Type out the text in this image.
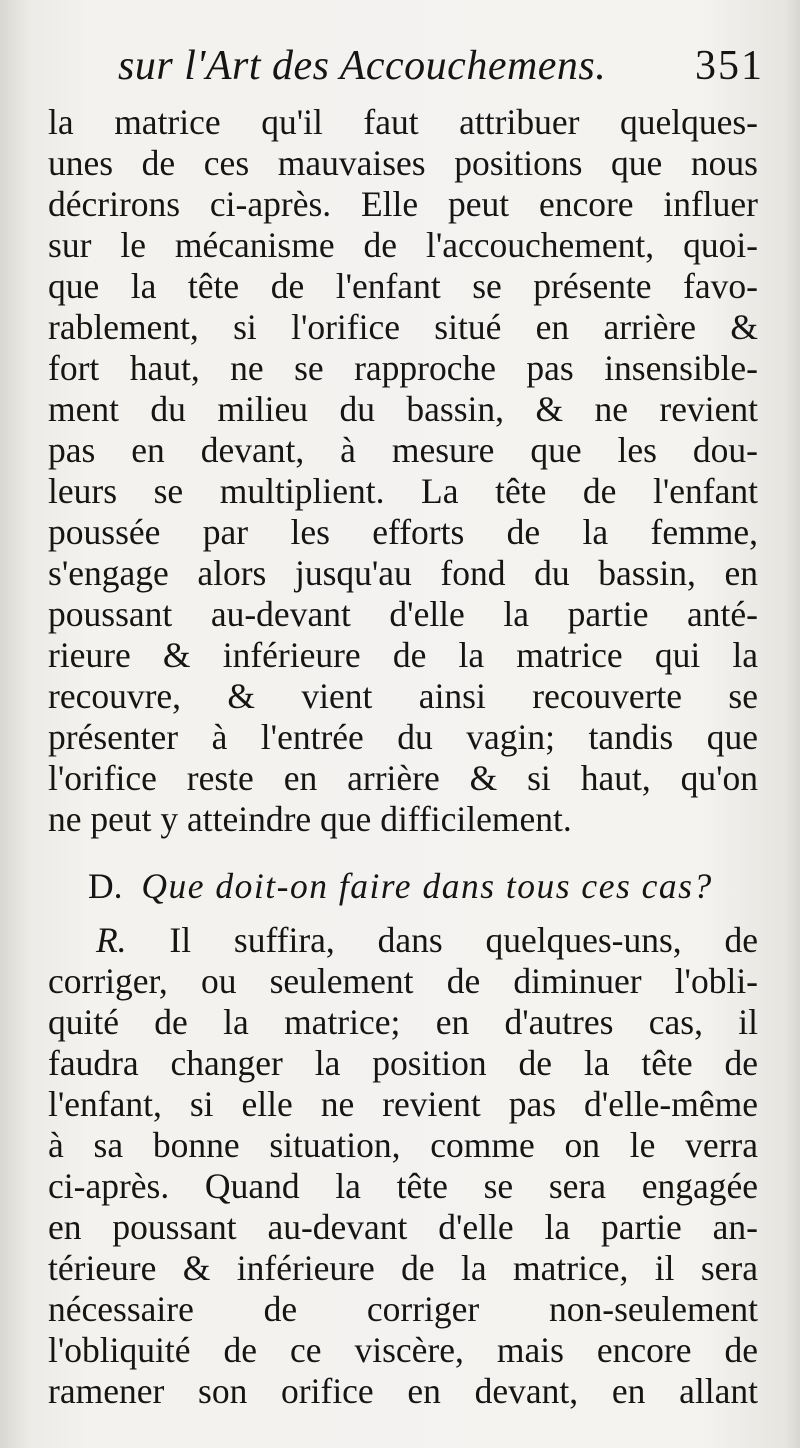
sur l'Art des Accouchemens. 351
la matrice qu'il faut attribuer quelques-
unes de ces mauvaises positions que nous
décrirons ci-après. Elle peut encore influer
sur le mécanisme de l'accouchement, quoi-
que la tête de l'enfant se présente favo-
rablement, si l'orifice situé en arrière &
fort haut, ne se rapproche pas insensible-
ment du milieu du bassin, & ne revient
pas en devant, à mesure que les dou-
leurs se multiplient. La tête de l'enfant
poussée par les efforts de la femme,
s'engage alors jusqu'au fond du bassin, en
poussant au-devant d'elle la partie anté-
rieure & inférieure de la matrice qui la
recouvre, & vient ainsi recouverte se
présenter à l'entrée du vagin; tandis que
l'orifice reste en arrière & si haut, qu'on
ne peut y atteindre que difficilement.
D. Que doit-on faire dans tous ces cas?
R. Il suffira, dans quelques-uns, de
corriger, ou seulement de diminuer l'obli-
quité de la matrice; en d'autres cas, il
faudra changer la position de la tête de
l'enfant, si elle ne revient pas d'elle-même
à sa bonne situation, comme on le verra
ci-après. Quand la tête se sera engagée
en poussant au-devant d'elle la partie an-
térieure & inférieure de la matrice, il sera
nécessaire de corriger non-seulement
l'obliquité de ce viscère, mais encore de
ramener son orifice en devant, en allant
